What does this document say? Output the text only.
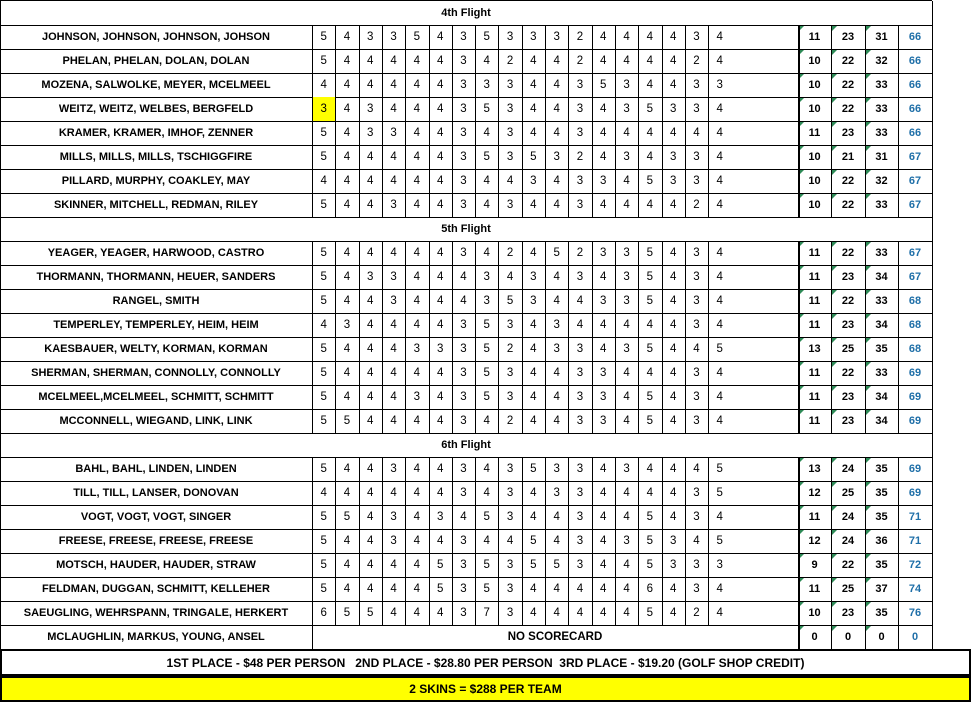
4th Flight
JOHNSON, JOHNSON, JOHNSON, JOHSON	5	4	3	3	5	4	3	5	3	3	3	2	4	4	4	4	3	4	11	23	31	66
PHELAN, PHELAN, DOLAN, DOLAN	5	4	4	4	4	4	3	4	2	4	4	2	4	4	4	4	2	4	10	22	32	66
MOZENA, SALWOLKE, MEYER, MCELMEEL	4	4	4	4	4	4	3	3	3	4	4	3	5	3	4	4	3	3	10	22	33	66
WEITZ, WEITZ, WELBES, BERGFELD	3	4	3	4	4	4	3	5	3	4	4	3	4	3	5	3	3	4	10	22	33	66
KRAMER, KRAMER, IMHOF, ZENNER	5	4	3	3	4	4	3	4	3	4	4	3	4	4	4	4	4	4	11	23	33	66
MILLS, MILLS, MILLS, TSCHIGGFIRE	5	4	4	4	4	4	3	5	3	5	3	2	4	3	4	3	3	4	10	21	31	67
PILLARD, MURPHY, COAKLEY, MAY	4	4	4	4	4	4	3	4	4	3	4	3	3	4	5	3	3	4	10	22	32	67
SKINNER, MITCHELL, REDMAN, RILEY	5	4	4	3	4	4	3	4	3	4	4	3	4	4	4	4	2	4	10	22	33	67
5th Flight
YEAGER, YEAGER, HARWOOD, CASTRO	5	4	4	4	4	4	3	4	2	4	5	2	3	3	5	4	3	4	11	22	33	67
THORMANN, THORMANN, HEUER, SANDERS	5	4	3	3	4	4	4	3	4	3	4	3	4	3	5	4	3	4	11	23	34	67
RANGEL, SMITH	5	4	4	3	4	4	4	3	5	3	4	4	3	3	5	4	3	4	11	22	33	68
TEMPERLEY, TEMPERLEY, HEIM, HEIM	4	3	4	4	4	4	3	5	3	4	3	4	4	4	4	4	3	4	11	23	34	68
KAESBAUER, WELTY, KORMAN, KORMAN	5	4	4	4	3	3	3	5	2	4	3	3	4	3	5	4	4	5	13	25	35	68
SHERMAN, SHERMAN, CONNOLLY, CONNOLLY	5	4	4	4	4	4	3	5	3	4	4	3	3	4	4	4	3	4	11	22	33	69
MCELMEEL,MCELMEEL, SCHMITT, SCHMITT	5	4	4	4	3	4	3	5	3	4	4	3	3	4	5	4	3	4	11	23	34	69
MCCONNELL, WIEGAND, LINK, LINK	5	5	4	4	4	4	3	4	2	4	4	3	3	4	5	4	3	4	11	23	34	69
6th Flight
BAHL, BAHL, LINDEN, LINDEN	5	4	4	3	4	4	3	4	3	5	3	3	4	3	4	4	4	5	13	24	35	69
TILL, TILL, LANSER, DONOVAN	4	4	4	4	4	4	3	4	3	4	3	3	4	4	4	4	3	5	12	25	35	69
VOGT, VOGT, VOGT, SINGER	5	5	4	3	4	3	4	5	3	4	4	3	4	4	5	4	3	4	11	24	35	71
FREESE, FREESE, FREESE, FREESE	5	4	4	3	4	4	3	4	4	5	4	3	4	3	5	3	4	5	12	24	36	71
MOTSCH, HAUDER, HAUDER, STRAW	5	4	4	4	4	5	3	5	3	5	5	3	4	4	5	3	3	3	9	22	35	72
FELDMAN, DUGGAN, SCHMITT, KELLEHER	5	4	4	4	4	5	3	5	3	4	4	4	4	4	6	4	3	4	11	25	37	74
SAEUGLING, WEHRSPANN, TRINGALE, HERKERT	6	5	5	4	4	4	3	7	3	4	4	4	4	4	5	4	2	4	10	23	35	76
MCLAUGHLIN, MARKUS, YOUNG, ANSEL	NO SCORECARD	0	0	0	0
1ST PLACE - $48 PER PERSON   2ND PLACE - $28.80 PER PERSON  3RD PLACE - $19.20 (GOLF SHOP CREDIT)
2 SKINS = $288 PER TEAM
